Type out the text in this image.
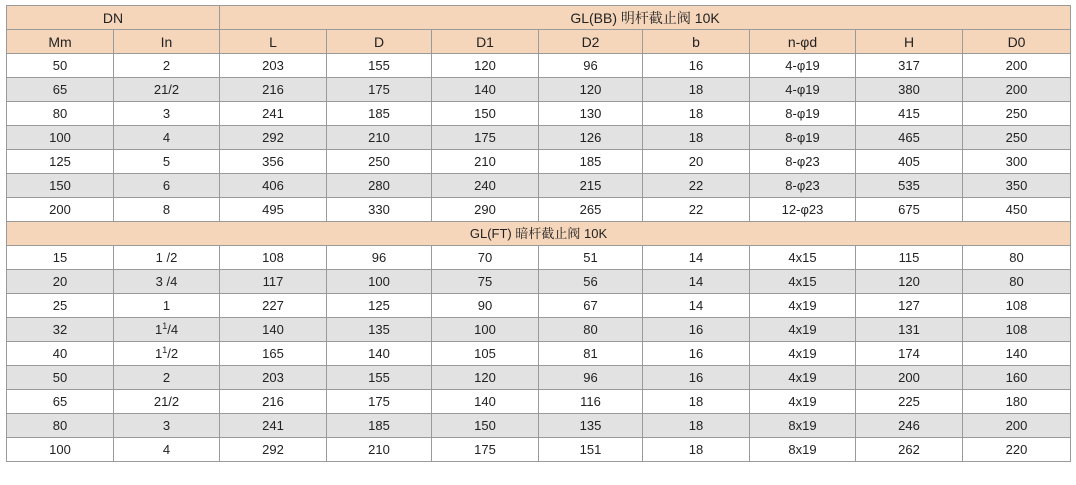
DN		GL(BB) 明杆截止阀 10K							
Mm	In	L	D	D1	D2	b	n-φd	H	D0
50	2	203	155	120	96	16	4-φ19	317	200
65	21/2	216	175	140	120	18	4-φ19	380	200
80	3	241	185	150	130	18	8-φ19	415	250
100	4	292	210	175	126	18	8-φ19	465	250
125	5	356	250	210	185	20	8-φ23	405	300
150	6	406	280	240	215	22	8-φ23	535	350
200	8	495	330	290	265	22	12-φ23	675	450
GL(FT) 暗杆截止阀 10K									
15	1 /2	108	96	70	51	14	4x15	115	80
20	3 /4	117	100	75	56	14	4x15	120	80
25	1	227	125	90	67	14	4x19	127	108
32	$1^1/4$	140	135	100	80	16	4x19	131	108
40	$1^1/2$	165	140	105	81	16	4x19	174	140
50	2	203	155	120	96	16	4x19	200	160
65	21/2	216	175	140	116	18	4x19	225	180
80	3	241	185	150	135	18	8x19	246	200
100	4	292	210	175	151	18	8x19	262	220
